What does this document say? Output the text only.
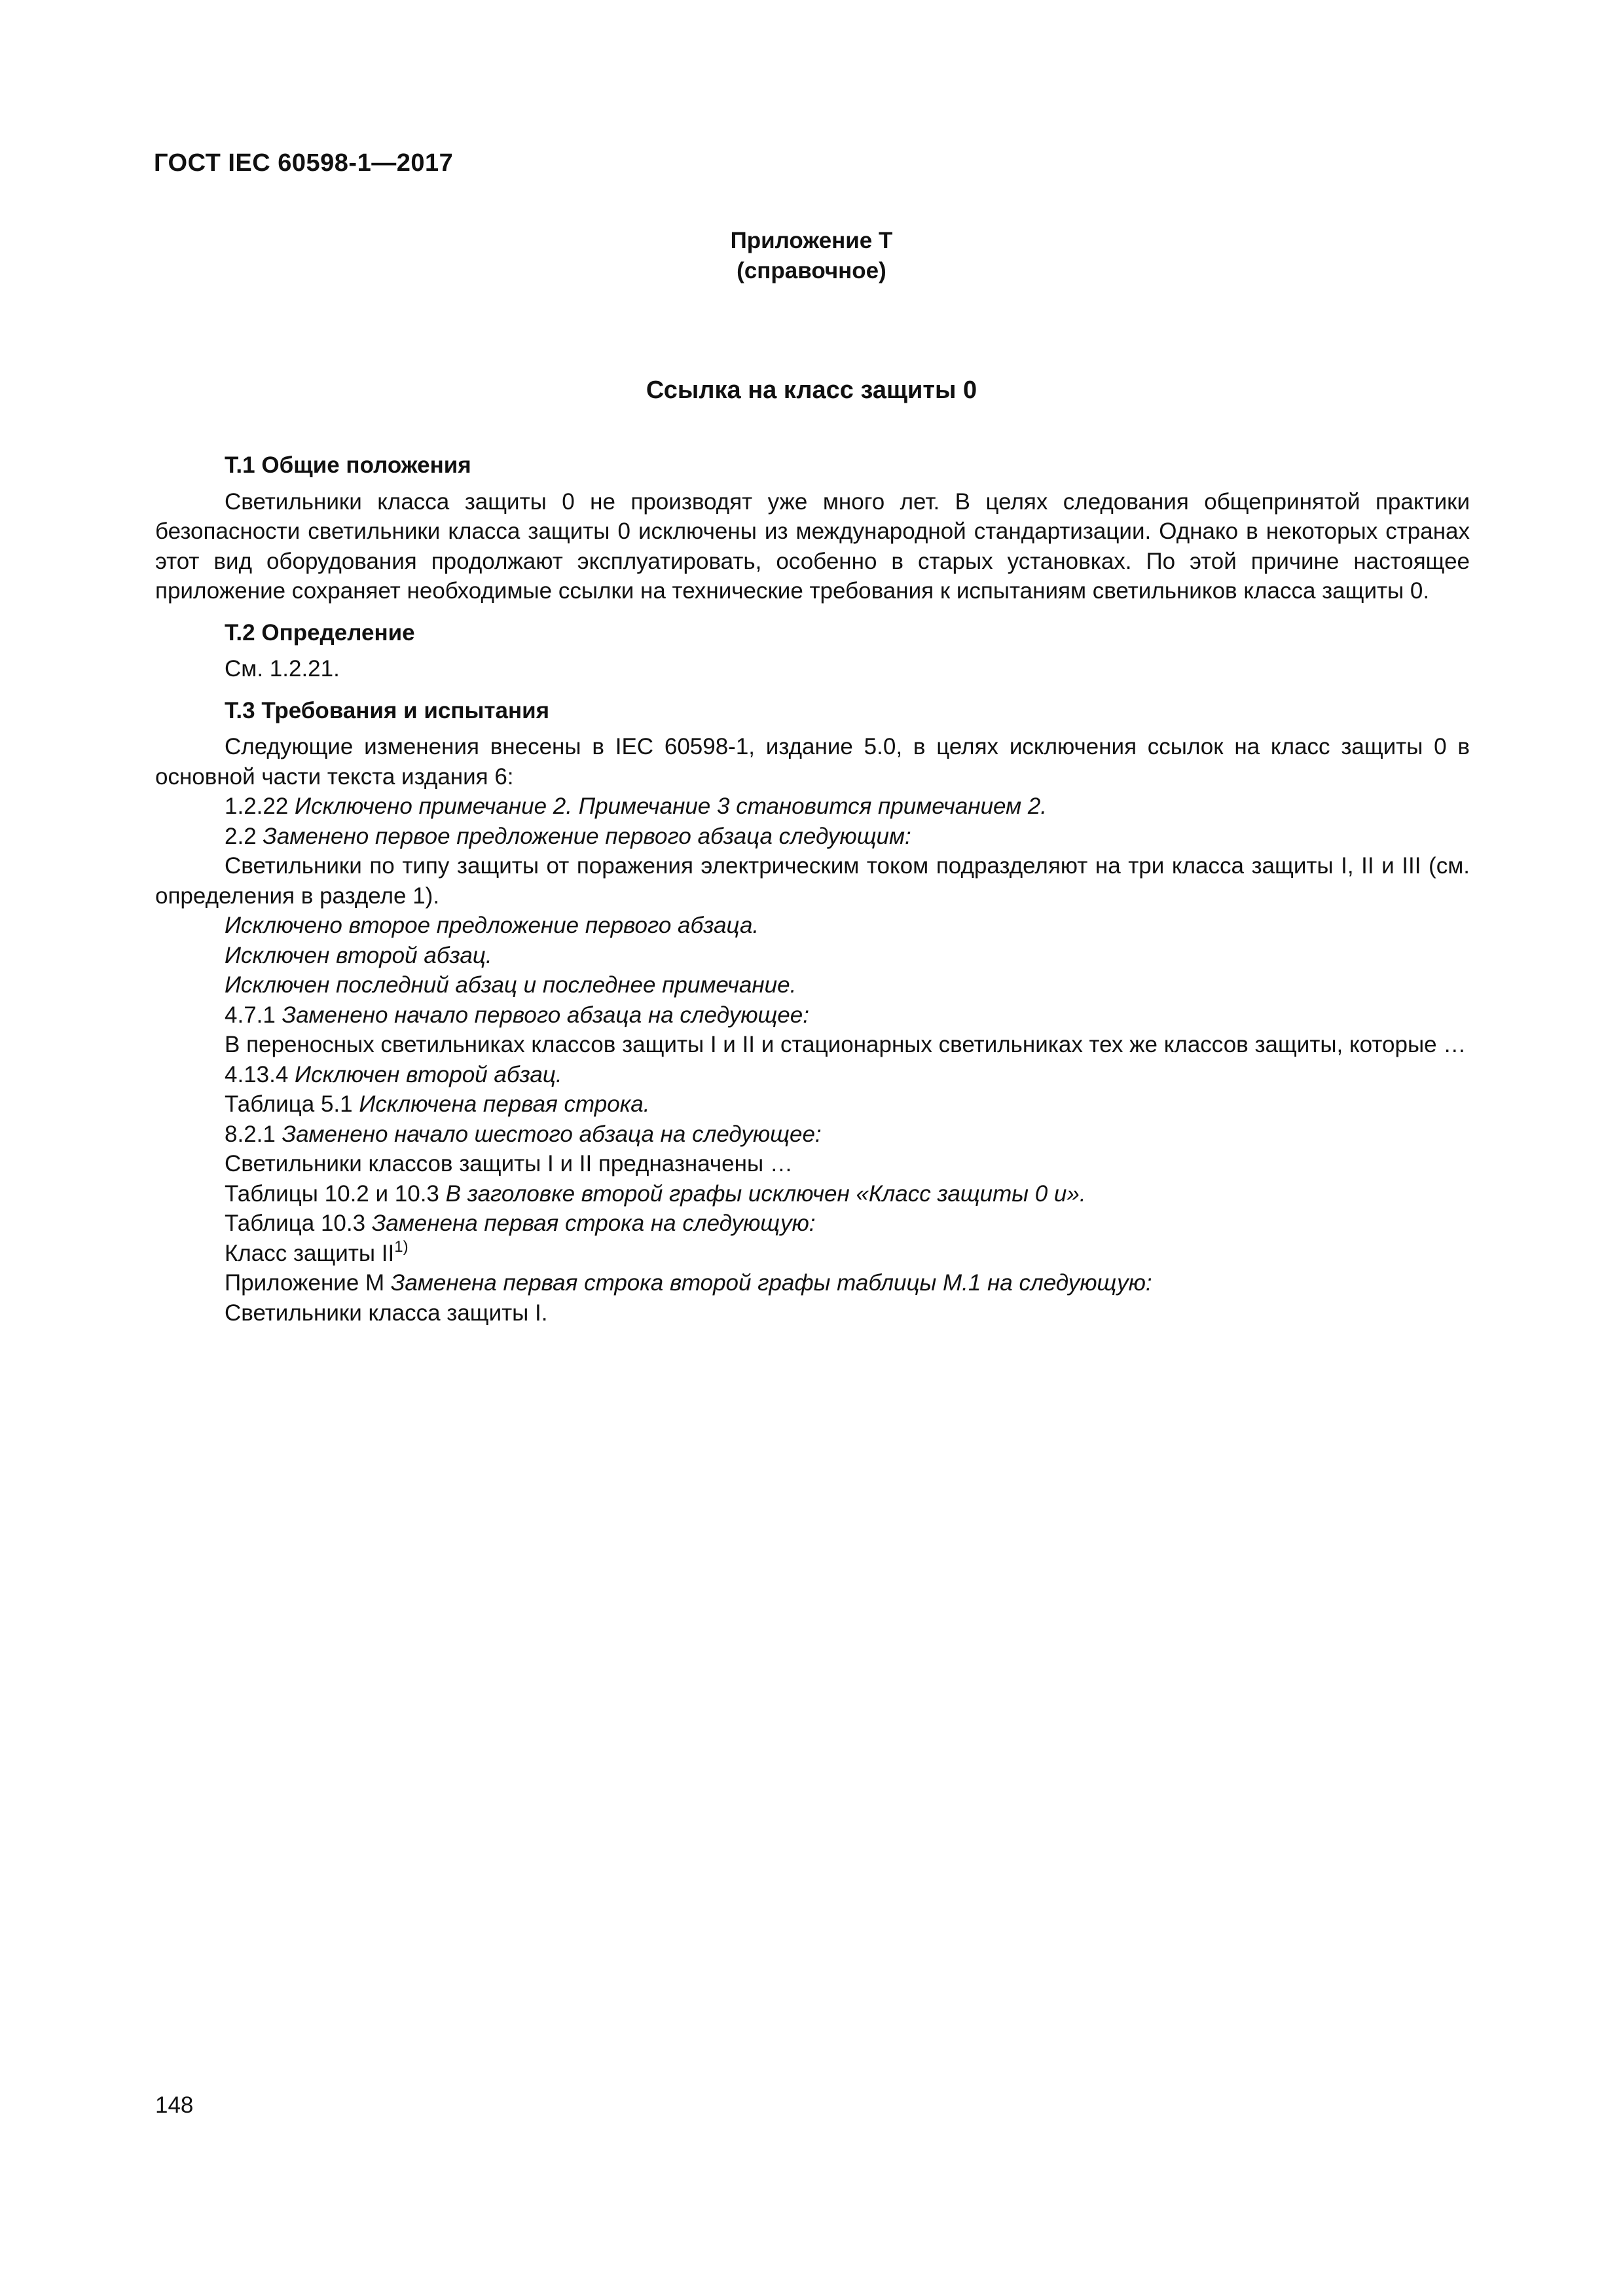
ГОСТ IEC 60598-1—2017
Приложение Т
(справочное)
Ссылка на класс защиты 0
Т.1 Общие положения

Светильники класса защиты 0 не производят уже много лет. В целях следования общепринятой практики безопасности светильники класса защиты 0 исключены из международной стандартизации. Однако в некоторых странах этот вид оборудования продолжают эксплуатировать, особенно в старых установках. По этой причине настоящее приложение сохраняет необходимые ссылки на технические требования к испытаниям светильников класса защиты 0.

Т.2 Определение

См. 1.2.21.

Т.3 Требования и испытания

Следующие изменения внесены в IEC 60598-1, издание 5.0, в целях исключения ссылок на класс защиты 0 в основной части текста издания 6:

1.2.22 Исключено примечание 2. Примечание 3 становится примечанием 2.

2.2 Заменено первое предложение первого абзаца следующим:

Светильники по типу защиты от поражения электрическим током подразделяют на три класса защиты I, II и III (см. определения в разделе 1).

Исключено второе предложение первого абзаца.

Исключен второй абзац.

Исключен последний абзац и последнее примечание.

4.7.1 Заменено начало первого абзаца на следующее:

В переносных светильниках классов защиты I и II и стационарных светильниках тех же классов защиты, которые …

4.13.4 Исключен второй абзац.

Таблица 5.1 Исключена первая строка.

8.2.1 Заменено начало шестого абзаца на следующее:

Светильники классов защиты I и II предназначены …

Таблицы 10.2 и 10.3 В заголовке второй графы исключен «Класс защиты 0 и».

Таблица 10.3 Заменена первая строка на следующую:

Класс защиты II$^{1)}$

Приложение М Заменена первая строка второй графы таблицы М.1 на следующую:

Светильники класса защиты I.

148
